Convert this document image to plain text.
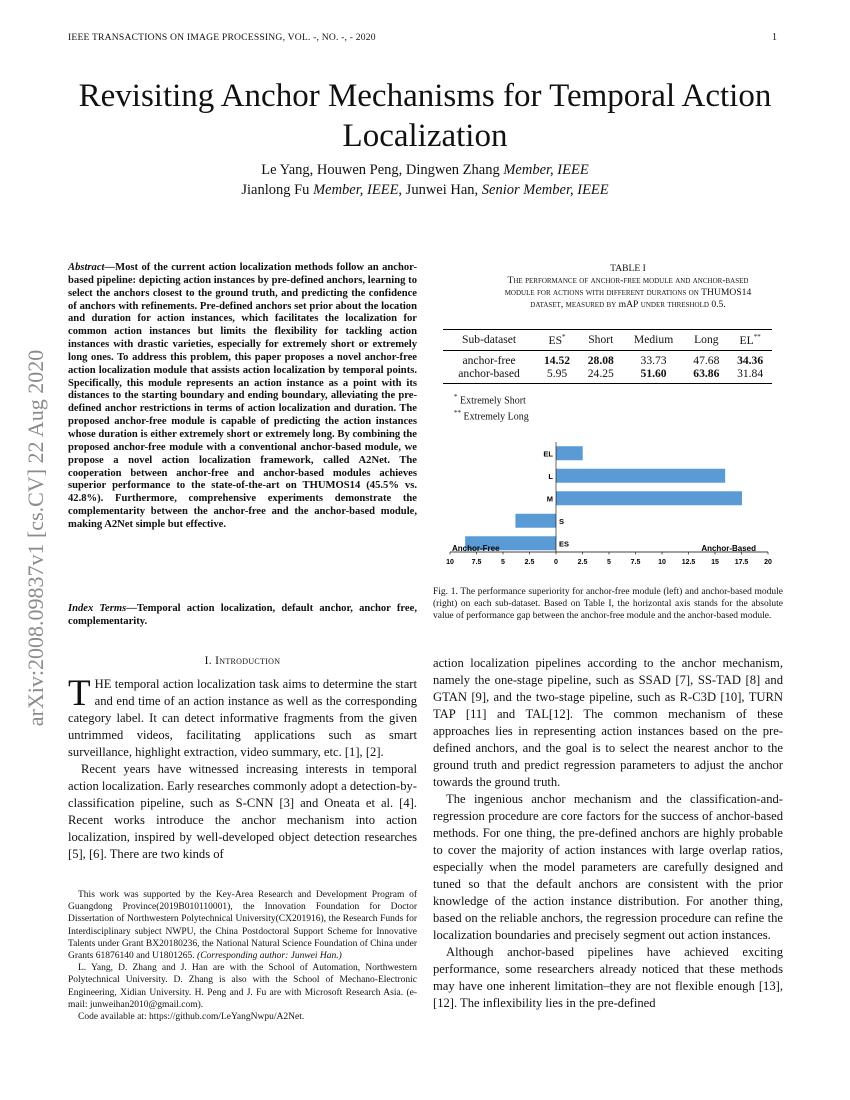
IEEE TRANSACTIONS ON IMAGE PROCESSING, VOL. -, NO. -, - 2020	1
Revisiting Anchor Mechanisms for Temporal Action Localization
Le Yang, Houwen Peng, Dingwen Zhang Member, IEEE
Jianlong Fu Member, IEEE, Junwei Han, Senior Member, IEEE
arXiv:2008.09837v1 [cs.CV] 22 Aug 2020
Abstract—Most of the current action localization methods follow an anchor-based pipeline: depicting action instances by pre-defined anchors, learning to select the anchors closest to the ground truth, and predicting the confidence of anchors with refinements. Pre-defined anchors set prior about the location and duration for action instances, which facilitates the localization for common action instances but limits the flexibility for tackling action instances with drastic varieties, especially for extremely short or extremely long ones. To address this problem, this paper proposes a novel anchor-free action localization module that assists action localization by temporal points. Specifically, this module represents an action instance as a point with its distances to the starting boundary and ending boundary, alleviating the pre-defined anchor restrictions in terms of action localization and duration. The proposed anchor-free module is capable of predicting the action instances whose duration is either extremely short or extremely long. By combining the proposed anchor-free module with a conventional anchor-based module, we propose a novel action localization framework, called A2Net. The cooperation between anchor-free and anchor-based modules achieves superior performance to the state-of-the-art on THUMOS14 (45.5% vs. 42.8%). Furthermore, comprehensive experiments demonstrate the complementarity between the anchor-free and the anchor-based module, making A2Net simple but effective.
Index Terms—Temporal action localization, default anchor, anchor free, complementarity.
I. Introduction

THE temporal action localization task aims to determine the start and end time of an action instance as well as the corresponding category label. It can detect informative fragments from the given untrimmed videos, facilitating applications such as smart surveillance, highlight extraction, video summary, etc. [1], [2].

Recent years have witnessed increasing interests in temporal action localization. Early researches commonly adopt a detection-by-classification pipeline, such as S-CNN [3] and Oneata et al. [4]. Recent works introduce the anchor mechanism into action localization, inspired by well-developed object detection researches [5], [6]. There are two kinds of

This work was supported by the Key-Area Research and Development Program of Guangdong Province(2019B010110001), the Innovation Foundation for Doctor Dissertation of Northwestern Polytechnical University(CX201916), the Research Funds for Interdisciplinary subject NWPU, the China Postdoctoral Support Scheme for Innovative Talents under Grant BX20180236, the National Natural Science Foundation of China under Grants 61876140 and U1801265. (Corresponding author: Junwei Han.)

L. Yang, D. Zhang and J. Han are with the School of Automation, Northwestern Polytechnical University. D. Zhang is also with the School of Mechano-Electronic Engineering, Xidian University. H. Peng and J. Fu are with Microsoft Research Asia. (e-mail: junweihan2010@gmail.com).

Code available at: https://github.com/LeYangNwpu/A2Net.

TABLE I
The performance of anchor-free module and anchor-based
module for actions with different durations on THUMOS14
dataset, measured by mAP under threshold 0.5.
Sub-dataset	ES*	Short	Medium	Long	EL**
anchor-free	14.52	28.08	33.73	47.68	34.36
anchor-based	5.95	24.25	51.60	63.86	31.84
* Extremely Short
** Extremely Long
EL
L
M
S
ES
10	7.5	5	2.5	0	2.5	5	7.5	10 12.5 15 17.5 20
Anchor-Free	Anchor-Based
Fig. 1. The performance superiority for anchor-free module (left) and anchor-based module (right) on each sub-dataset. Based on Table I, the horizontal axis stands for the absolute value of performance gap between the anchor-free module and the anchor-based module.

action localization pipelines according to the anchor mechanism, namely the one-stage pipeline, such as SSAD [7], SS-TAD [8] and GTAN [9], and the two-stage pipeline, such as R-C3D [10], TURN TAP [11] and TAL[12]. The common mechanism of these approaches lies in representing action instances based on the pre-defined anchors, and the goal is to select the nearest anchor to the ground truth and predict regression parameters to adjust the anchor towards the ground truth.

The ingenious anchor mechanism and the classification-and-regression procedure are core factors for the success of anchor-based methods. For one thing, the pre-defined anchors are highly probable to cover the majority of action instances with large overlap ratios, especially when the model parameters are carefully designed and tuned so that the default anchors are consistent with the prior knowledge of the action instance distribution. For another thing, based on the reliable anchors, the regression procedure can refine the localization boundaries and precisely segment out action instances.

Although anchor-based pipelines have achieved exciting performance, some researchers already noticed that these methods may have one inherent limitation–they are not flexible enough [13], [12]. The inflexibility lies in the pre-defined
